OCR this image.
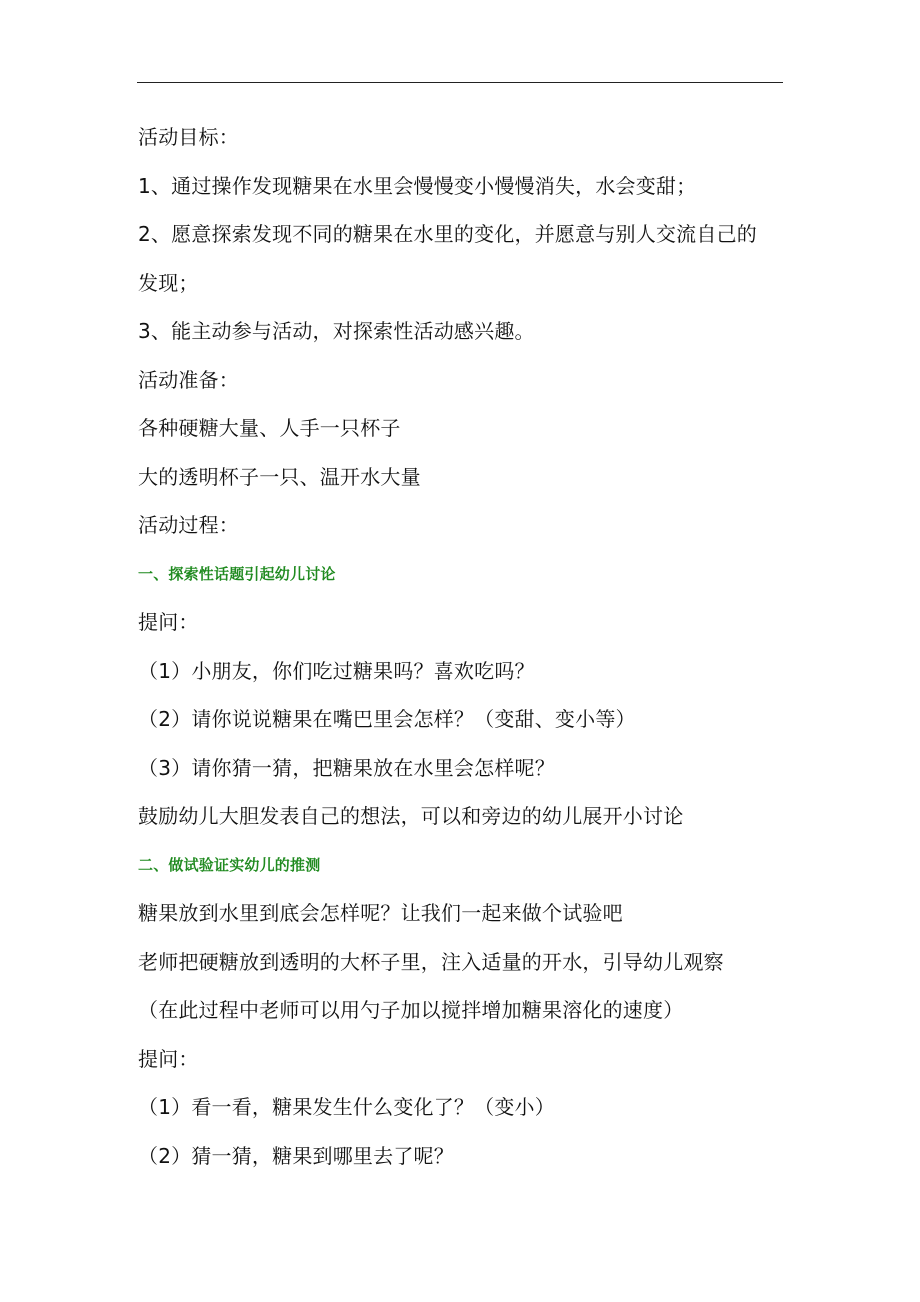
活动目标：
1、通过操作发现糖果在水里会慢慢变小慢慢消失，水会变甜；
2、愿意探索发现不同的糖果在水里的变化，并愿意与别人交流自己的
发现；
3、能主动参与活动，对探索性活动感兴趣。
活动准备：
各种硬糖大量、人手一只杯子
大的透明杯子一只、温开水大量
活动过程：
一、探索性话题引起幼儿讨论
提问：
（1）小朋友，你们吃过糖果吗？喜欢吃吗？
（2）请你说说糖果在嘴巴里会怎样？（变甜、变小等）
（3）请你猜一猜，把糖果放在水里会怎样呢？
鼓励幼儿大胆发表自己的想法，可以和旁边的幼儿展开小讨论
二、做试验证实幼儿的推测
糖果放到水里到底会怎样呢？让我们一起来做个试验吧
老师把硬糖放到透明的大杯子里，注入适量的开水，引导幼儿观察
（在此过程中老师可以用勺子加以搅拌增加糖果溶化的速度）
提问：
（1）看一看，糖果发生什么变化了？（变小）
（2）猜一猜，糖果到哪里去了呢？
